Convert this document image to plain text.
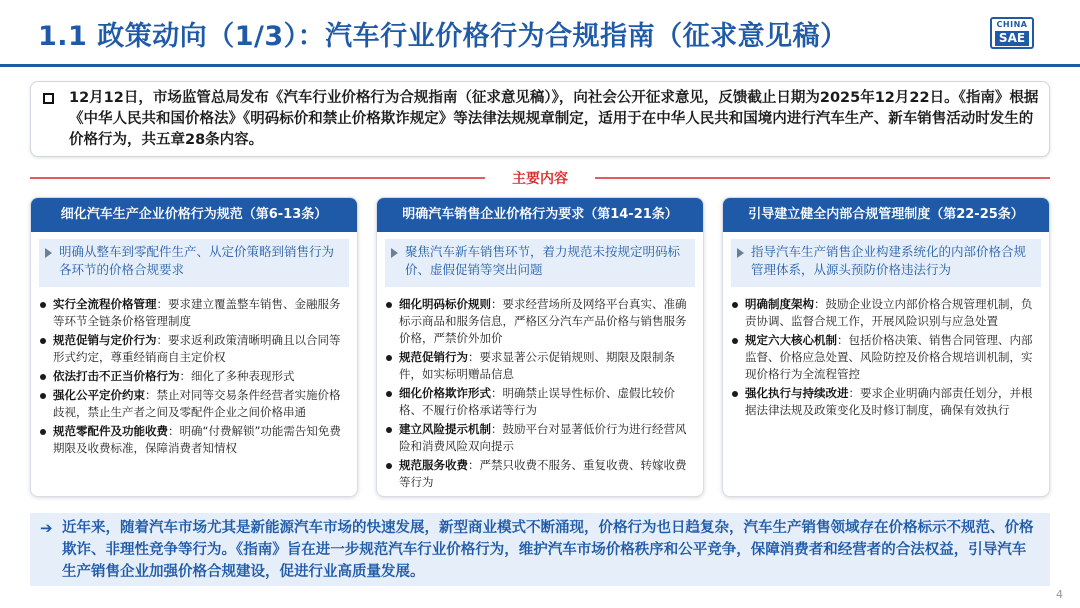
1.1 政策动向（1/3）：汽车行业价格行为合规指南（征求意见稿）	CHINA
SAE
12月12日，市场监管总局发布《汽车行业价格行为合规指南（征求意见稿）》，向社会公开征求意见，反馈截止日期为2025年12月22日。《指南》根据《中华人民共和国价格法》《明码标价和禁止价格欺诈规定》等法律法规规章制定，适用于在中华人民共和国境内进行汽车生产、新车销售活动时发生的价格行为，共五章28条内容。
主要内容
细化汽车生产企业价格行为规范（第6-13条）
明确从整车到零配件生产、从定价策略到销售行为各环节的价格合规要求
实行全流程价格管理：要求建立覆盖整车销售、金融服务等环节全链条价格管理制度
规范促销与定价行为：要求返利政策清晰明确且以合同等形式约定，尊重经销商自主定价权
依法打击不正当价格行为：细化了多种表现形式
强化公平定价约束：禁止对同等交易条件经营者实施价格歧视，禁止生产者之间及零配件企业之间价格串通
规范零配件及功能收费：明确“付费解锁”功能需告知免费期限及收费标准，保障消费者知情权
明确汽车销售企业价格行为要求（第14-21条）
聚焦汽车新车销售环节，着力规范未按规定明码标价、虚假促销等突出问题
细化明码标价规则：要求经营场所及网络平台真实、准确标示商品和服务信息，严格区分汽车产品价格与销售服务价格，严禁价外加价
规范促销行为：要求显著公示促销规则、期限及限制条件，如实标明赠品信息
细化价格欺诈形式：明确禁止误导性标价、虚假比较价格、不履行价格承诺等行为
建立风险提示机制：鼓励平台对显著低价行为进行经营风险和消费风险双向提示
规范服务收费：严禁只收费不服务、重复收费、转嫁收费等行为
引导建立健全内部合规管理制度（第22-25条）
指导汽车生产销售企业构建系统化的内部价格合规管理体系，从源头预防价格违法行为
明确制度架构：鼓励企业设立内部价格合规管理机制，负责协调、监督合规工作，开展风险识别与应急处置
规定六大核心机制：包括价格决策、销售合同管理、内部监督、价格应急处置、风险防控及价格合规培训机制，实现价格行为全流程管控
强化执行与持续改进：要求企业明确内部责任划分，并根据法律法规及政策变化及时修订制度，确保有效执行
➔ 近年来，随着汽车市场尤其是新能源汽车市场的快速发展，新型商业模式不断涌现，价格行为也日趋复杂，汽车生产销售领域存在价格标示不规范、价格欺诈、非理性竞争等行为。《指南》旨在进一步规范汽车行业价格行为，维护汽车市场价格秩序和公平竞争，保障消费者和经营者的合法权益，引导汽车生产销售企业加强价格合规建设，促进行业高质量发展。
4
